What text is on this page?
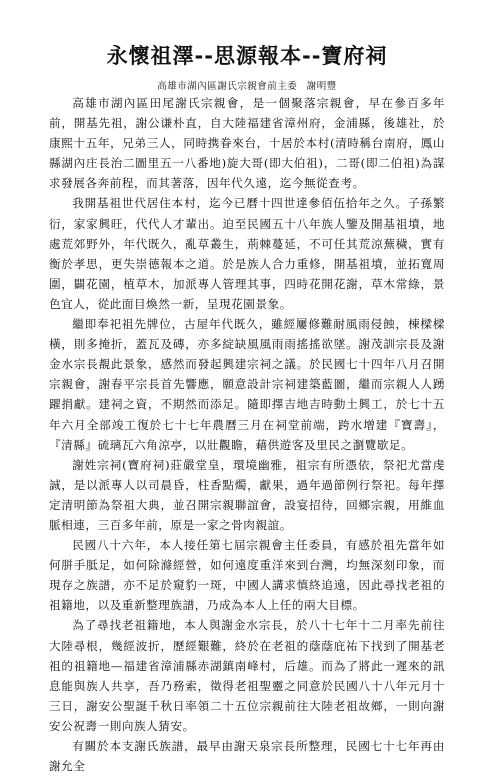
永懷祖澤--思源報本--寶府祠
高雄市湖內區謝氏宗親會前主委 謝明豐

高雄市湖內區田尾謝氏宗親會，是一個聚落宗親會，早在參百多年前，開基先祖，謝公谦朴直，自大陸福建省漳州府，金浦縣，後雄社，於康熙十五年，兄弟三人，同時携眷來台，十居於本村(清時稱台南府，鳳山縣湖內庄長治二圖里五一八番地)旋大哥(即大伯祖)，二哥(即二伯祖)為謀求發展各奔前程，而其著落，因年代久遠，迄今無從查考。

我開基祖世代居住本村，迄今已曆十四世達參佰伍拾年之久。子孫繁衍，家家興旺，代代人才輩出。迫至民國五十八年族人鑒及開基祖墳，地處荒郊野外，年代既久，亂草叢生，荊棘蔓延，不可任其荒涼蕪穢，實有衡於孝思，更失崇德報本之道。於是族人合力重修，開基祖墳，並拓寬周圍，闢花園，植草木，加派專人管理其事，四時花開花謝，草木常綠，景色宜人，從此面目煥然一新，呈現花園景象。

繼即奉祀祖先牌位，古屋年代既久，雖經屢修難耐風雨侵蝕，棟樑樑橫，則多掩折，蓋瓦及磚，亦多綻缺風風雨雨搖搖欲墜。謝茂訓宗長及謝金水宗長覩此景象，感然而發起興建宗祠之議。於民國七十四年八月召開宗親會，謝春平宗長首先響應，願意設計宗祠建築藍圖，繼而宗親人人踴躍捐獻。建祠之資，不期然而添足。隨即擇吉地吉時動土興工，於七十五年六月全部竣工復於七十七年農曆三月在祠堂前端，跨水增建『寶壽』，『清縣』硫璃瓦六角涼亭，以壯觀瞻，藉供遊客及里民之瀏覽歇足。

謝姓宗祠(寶府祠)莊嚴堂皇，環境幽雅，祖宗有所憑依，祭祀尤當虔誠，是以派專人以司晨昏，柱香點燭，獻果，過年過節例行祭祀。每年擇定清明節為祭祖大典，並召開宗親聯誼會，設宴招待，回鄉宗親，用維血脈相連，三百多年前，原是一家之骨肉親誼。

民國八十六年，本人接任第七屆宗親會主任委員，有感於祖先當年如何胼手胝足，如何除滌經營，如何遠度重洋來到台灣，均無深刻印象，而現存之族譜，亦不足於窺豹一斑，中國人講求慎終追遠，因此尋找老祖的祖籍地，以及重新整理族譜，乃成為本人上任的兩大目標。

為了尋找老祖籍地，本人與謝金水宗長，於八十七年十二月率先前往大陸尋根，幾經波折，歷經艱難，終於在老祖的蔭蔭庇祐下找到了開基老祖的祖籍地—福建省漳浦縣赤湖鎮南峰村，后雄。而為了將此一遲來的訊息能與族人共享，吾乃務索，徵得老祖聖靈之同意於民國八十八年元月十三日，謝安公聖誕千秋日率領二十五位宗親前往大陸老祖故鄉，一則向謝安公祝壽一則向族人猜安。

有關於本支謝氏族譜，最早由謝天泉宗長所整理，民國七十七年再由謝允全
